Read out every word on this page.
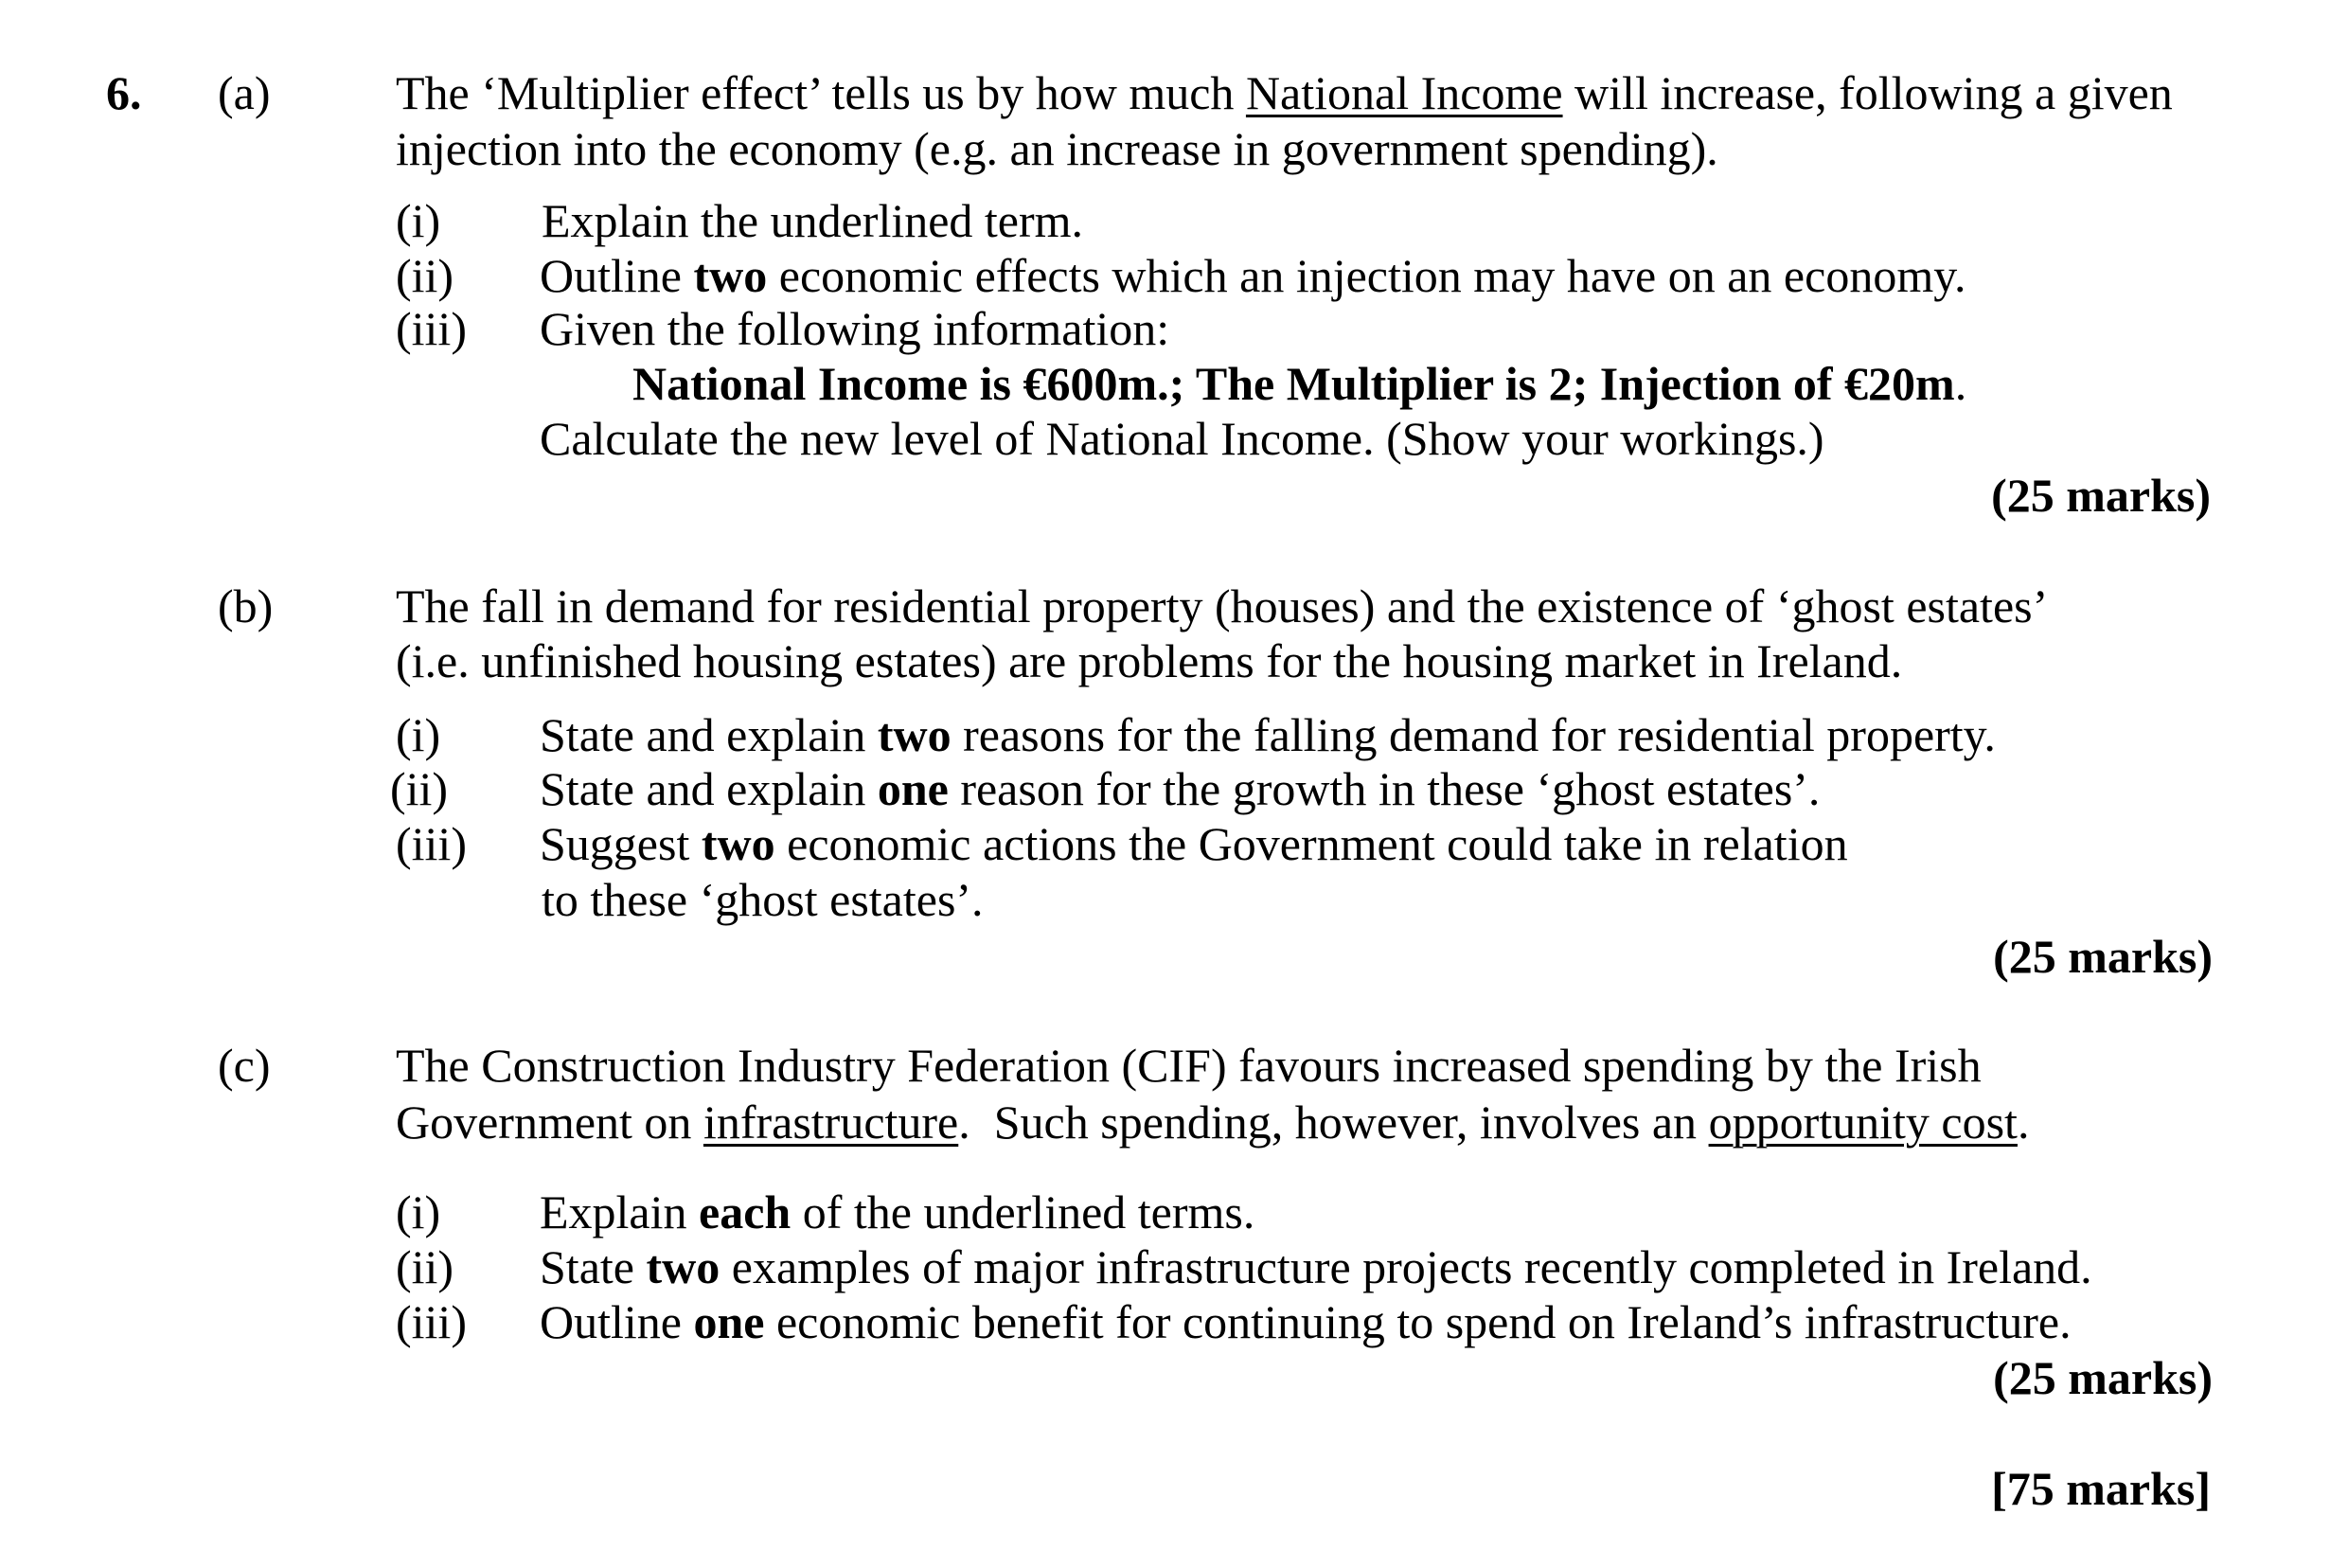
6. (a)	The ‘Multiplier effect’ tells us by how much National Income will increase, following a given
injection into the economy (e.g. an increase in government spending).
(i) Explain the underlined term.
(ii) Outline two economic effects which an injection may have on an economy.
(iii) Given the following information:
National Income is €600m.; The Multiplier is 2; Injection of €20m.
Calculate the new level of National Income. (Show your workings.)
(25 marks)
(b)	The fall in demand for residential property (houses) and the existence of ‘ghost estates’
(i.e. unfinished housing estates) are problems for the housing market in Ireland.
(i) State and explain two reasons for the falling demand for residential property.
(ii) State and explain one reason for the growth in these ‘ghost estates’.
(iii) Suggest two economic actions the Government could take in relation
to these ‘ghost estates’.
(25 marks)
(c)	The Construction Industry Federation (CIF) favours increased spending by the Irish
Government on infrastructure.  Such spending, however, involves an opportunity cost.
(i) Explain each of the underlined terms.
(ii) State two examples of major infrastructure projects recently completed in Ireland.
(iii) Outline one economic benefit for continuing to spend on Ireland’s infrastructure.
(25 marks)
[75 marks]
